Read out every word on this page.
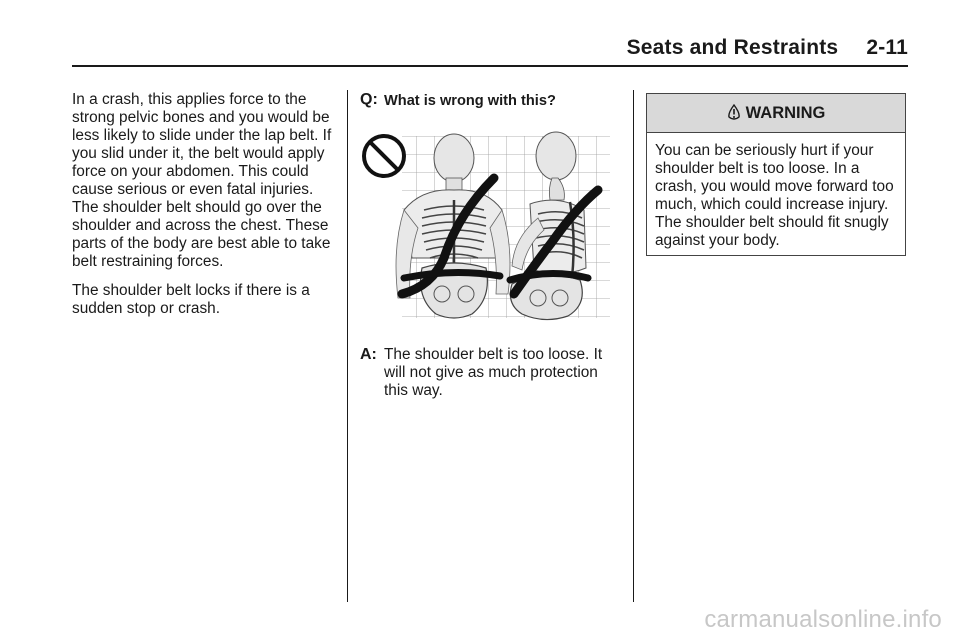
Seats and Restraints 2-11

In a crash, this applies force to the strong pelvic bones and you would be less likely to slide under the lap belt. If you slid under it, the belt would apply force on your abdomen. This could cause serious or even fatal injuries. The shoulder belt should go over the shoulder and across the chest. These parts of the body are best able to take belt restraining forces.

The shoulder belt locks if there is a sudden stop or crash.

Q: What is wrong with this?
A: The shoulder belt is too loose. It will not give as much protection this way.
WARNING
You can be seriously hurt if your shoulder belt is too loose. In a crash, you would move forward too much, which could increase injury. The shoulder belt should fit snugly against your body.
carmanualsonline.info
